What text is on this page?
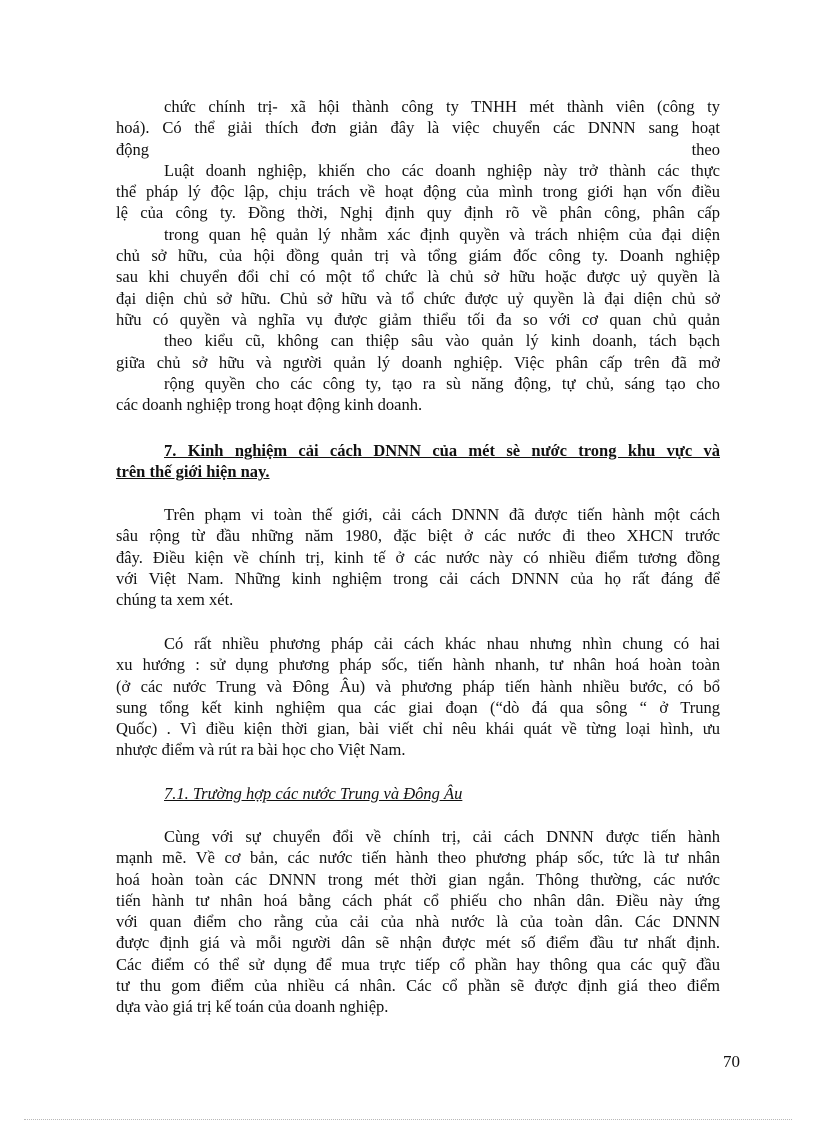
chức chính trị- xã hội thành công ty TNHH mét thành viên (công ty
hoá). Có thể giải thích đơn giản đây là việc chuyển các DNNN sang hoạt
động	theo
Luật doanh nghiệp, khiến cho các doanh nghiệp này trở thành các thực
thể pháp lý độc lập, chịu trách về hoạt động của mình trong giới hạn vốn điều
lệ của công ty. Đồng thời, Nghị định quy định rõ về phân công, phân cấp
trong quan hệ quản lý nhằm xác định quyền và trách nhiệm của đại diện
chủ sở hữu, của hội đồng quản trị và tổng giám đốc công ty. Doanh nghiệp
sau khi chuyển đổi chỉ có một tổ chức là chủ sở hữu hoặc được uỷ quyền là
đại diện chủ sở hữu. Chủ sở hữu và tổ chức được uỷ quyền là đại diện chủ sở
hữu có quyền và nghĩa vụ được giảm thiểu tối đa so với cơ quan chủ quản
theo kiểu cũ, không can thiệp sâu vào quản lý kinh doanh, tách bạch
giữa chủ sở hữu và người quản lý doanh nghiệp. Việc phân cấp trên đã mở
rộng quyền cho các công ty, tạo ra sù năng động, tự chủ, sáng tạo cho
các doanh nghiệp trong hoạt động kinh doanh.
7. Kinh nghiệm cải cách DNNN của mét sè nước trong khu vực và
trên thế giới hiện nay.
Trên phạm vi toàn thế giới, cải cách DNNN đã được tiến hành một cách
sâu rộng từ đầu những năm 1980, đặc biệt ở các nước đi theo XHCN trước
đây. Điều kiện về chính trị, kinh tế ở các nước này có nhiều điểm tương đồng
với Việt Nam. Những kinh nghiệm trong cải cách DNNN của họ rất đáng để
chúng ta xem xét.
Có rất nhiều phương pháp cải cách khác nhau nhưng nhìn chung có hai
xu hướng : sử dụng phương pháp sốc, tiến hành nhanh, tư nhân hoá hoàn toàn
(ở các nước Trung và Đông Âu) và phương pháp tiến hành nhiều bước, có bổ
sung tổng kết kinh nghiệm qua các giai đoạn (“dò đá qua sông “ ở Trung
Quốc) . Vì điều kiện thời gian, bài viết chỉ nêu khái quát về từng loại hình, ưu
nhược điểm và rút ra bài học cho Việt Nam.
7.1. Trường hợp các nước Trung và Đông Âu
Cùng với sự chuyển đổi về chính trị, cải cách DNNN được tiến hành
mạnh mẽ. Về cơ bản, các nước tiến hành theo phương pháp sốc, tức là tư nhân
hoá hoàn toàn các DNNN trong mét thời gian ngắn. Thông thường, các nước
tiến hành tư nhân hoá bằng cách phát cổ phiếu cho nhân dân. Điều này ứng
với quan điểm cho rằng của cải của nhà nước là của toàn dân. Các DNNN
được định giá và mỗi người dân sẽ nhận được mét số điểm đầu tư nhất định.
Các điểm có thể sử dụng để mua trực tiếp cổ phần hay thông qua các quỹ đầu
tư thu gom điểm của nhiều cá nhân. Các cổ phần sẽ được định giá theo điểm
dựa vào giá trị kế toán của doanh nghiệp.
70
